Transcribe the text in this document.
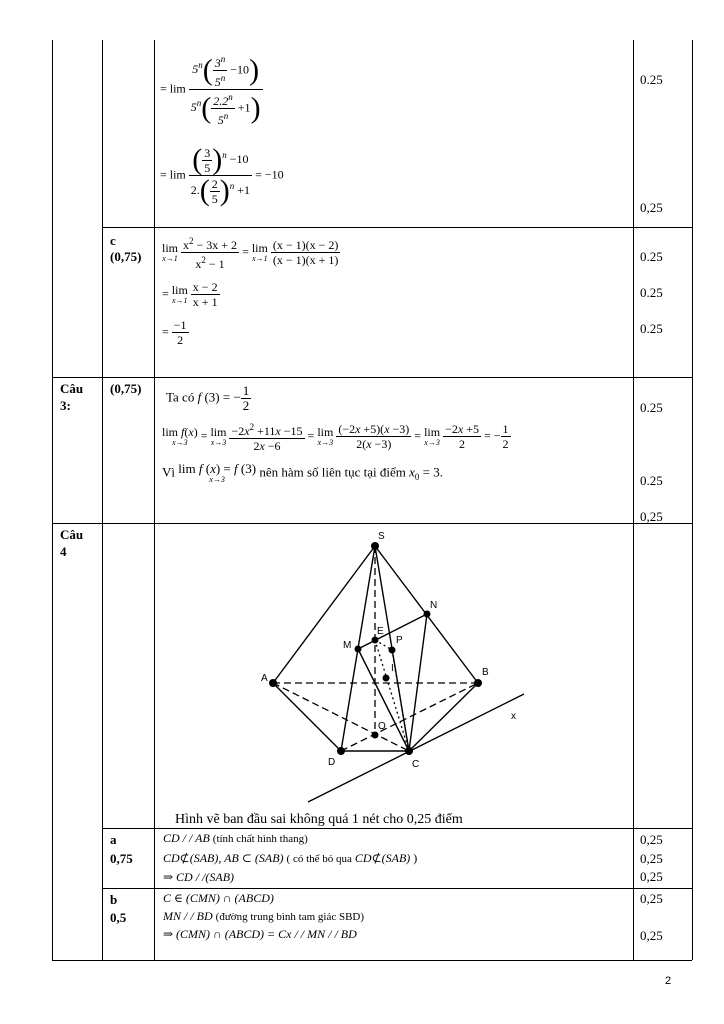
= $\lim \frac{5^n( \frac{3^n}{5^n} -10)}{5^n( \frac{2.2^n}{5^n} +1)}$
= $\lim \frac{( \frac{3}{5} )^n -10}{2.( \frac{2}{5} )^n +1} = -10$
0.25
0,25
c
(0,75)
lim
x→1
$\frac{x^2 - 3x + 2}{x^2 - 1} = \lim$
x→1
$\frac{(x - 1)(x - 2)}{(x - 1)(x + 1)}$
= lim
x→1
$\frac{x - 2}{x + 1}$
= $\frac{-1}{2}$
0.25
0.25
0.25
Câu
3:
(0,75)
Ta có f (3) = − $\frac{1}{2}$
lim f(x)
x→3
= lim
x→3
$\frac{-2x^2 +11x -15}{2x -6} = \lim$
x→3
$\frac{(-2x +5)(x -3)}{2(x -3)} = \lim$
x→3
$\frac{-2x +5}{2}$ = − $\frac{1}{2}$
Vì lim f (x) = f (3)
x→3
nên hàm số liên tục tại điểm $x_0 = 3$.
0.25
0.25
0,25
Câu
4
S
N
E
P
M
I
A
B
O
D	C
x
Hình vẽ ban đầu sai không quá 1 nét cho 0,25 điểm
a
0,75
CD / / AB (tính chất hình thang)
CD⊄(SAB), AB ⊂ (SAB) ( có thể bỏ qua CD⊄(SAB) )
⇒ CD / /(SAB)
0,25
0,25
0,25
b
0,5
C ∈ (CMN) ∩ (ABCD)
MN / / BD (đường trung bình tam giác SBD)
⇒ (CMN) ∩ (ABCD) = Cx / / MN / / BD
0,25
0,25
2
